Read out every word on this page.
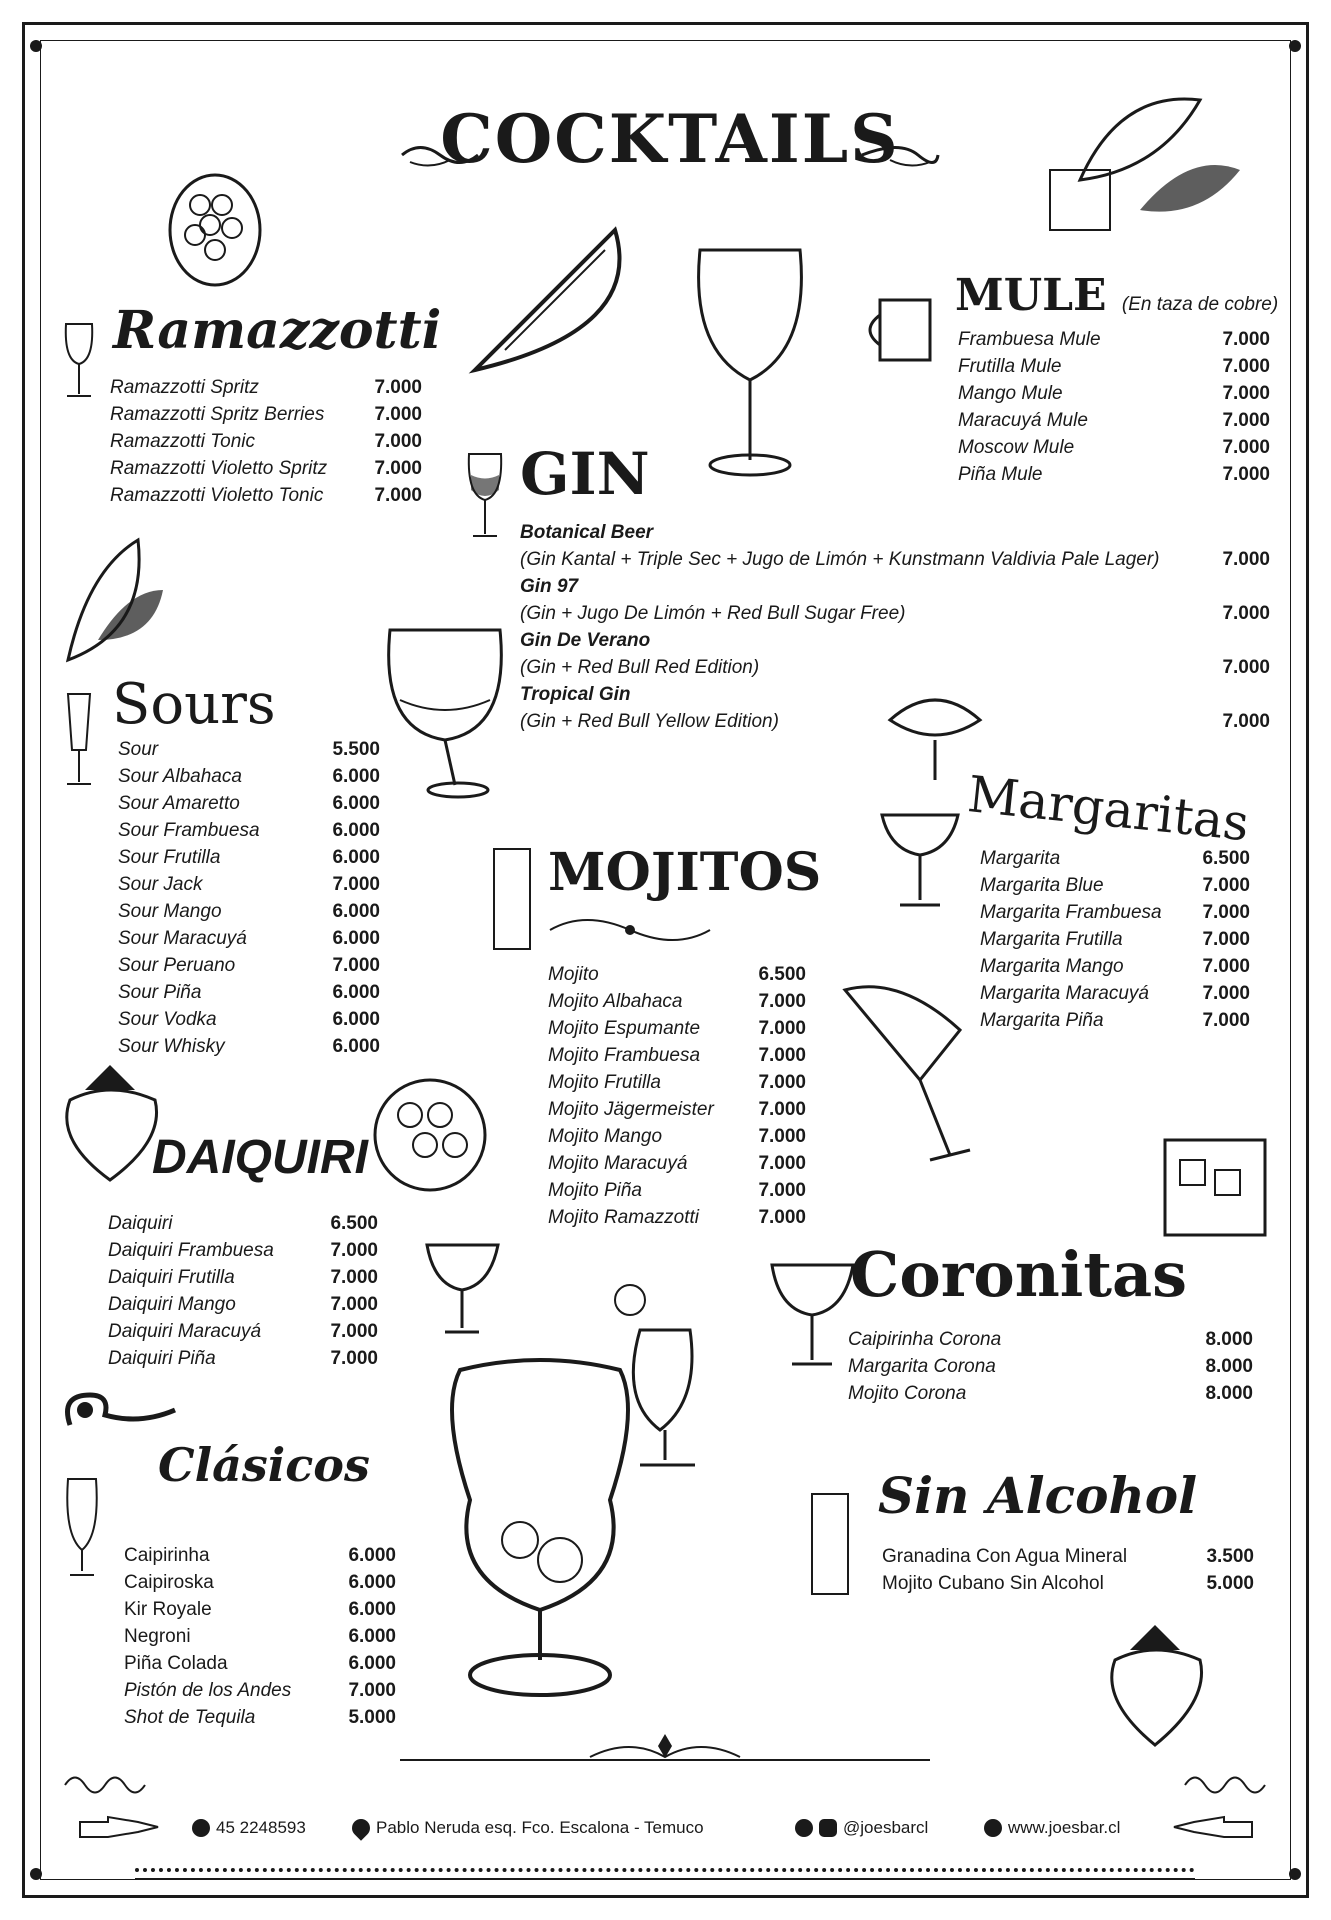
COCKTAILS
Ramazzotti
MULE (En taza de cobre)
GIN
Sours
Margaritas
MOJITOS
DAIQUIRI
Coronitas
Clásicos
Sin Alcohol
Ramazzotti Spritz	7.000
Ramazzotti Spritz Berries	7.000
Ramazzotti Tonic	7.000
Ramazzotti Violetto Spritz 7.000
Ramazzotti Violetto Tonic	7.000
Frambuesa Mule	7.000
Frutilla Mule	7.000
Mango Mule	7.000
Maracuyá Mule	7.000
Moscow Mule	7.000
Piña Mule	7.000
Botanical Beer
(Gin Kantal + Triple Sec + Jugo de Limón + Kunstmann Valdivia Pale Lager)	7.000
Gin 97
(Gin + Jugo De Limón + Red Bull Sugar Free)	7.000
Gin De Verano
(Gin + Red Bull Red Edition)	7.000
Tropical Gin
(Gin + Red Bull Yellow Edition)	7.000
Sour	5.500
Sour Albahaca	6.000
Sour Amaretto	6.000
Sour Frambuesa	6.000
Sour Frutilla	6.000
Sour Jack	7.000
Sour Mango	6.000
Sour Maracuyá	6.000
Sour Peruano	7.000
Sour Piña	6.000
Sour Vodka	6.000
Sour Whisky	6.000
Margarita	6.500
Margarita Blue	7.000
Margarita Frambuesa 7.000
Margarita Frutilla	7.000
Margarita Mango	7.000
Margarita Maracuyá	7.000
Margarita Piña	7.000
Mojito	6.500
Mojito Albahaca	7.000
Mojito Espumante	7.000
Mojito Frambuesa	7.000
Mojito Frutilla	7.000
Mojito Jägermeister 7.000
Mojito Mango	7.000
Mojito Maracuyá	7.000
Mojito Piña	7.000
Mojito Ramazzotti	7.000
Daiquiri	6.500
Daiquiri Frambuesa	7.000
Daiquiri Frutilla	7.000
Daiquiri Mango	7.000
Daiquiri Maracuyá	7.000
Daiquiri Piña	7.000
Caipirinha Corona	8.000
Margarita Corona	8.000
Mojito Corona	8.000
Caipirinha	6.000
Caipiroska	6.000
Kir Royale	6.000
Negroni	6.000
Piña Colada	6.000
Pistón de los Andes	7.000
Shot de Tequila	5.000
Granadina Con Agua Mineral	3.500
Mojito Cubano Sin Alcohol	5.000
45 2248593	Pablo Neruda esq. Fco. Escalona - Temuco	@joesbarcl	www.joesbar.cl
